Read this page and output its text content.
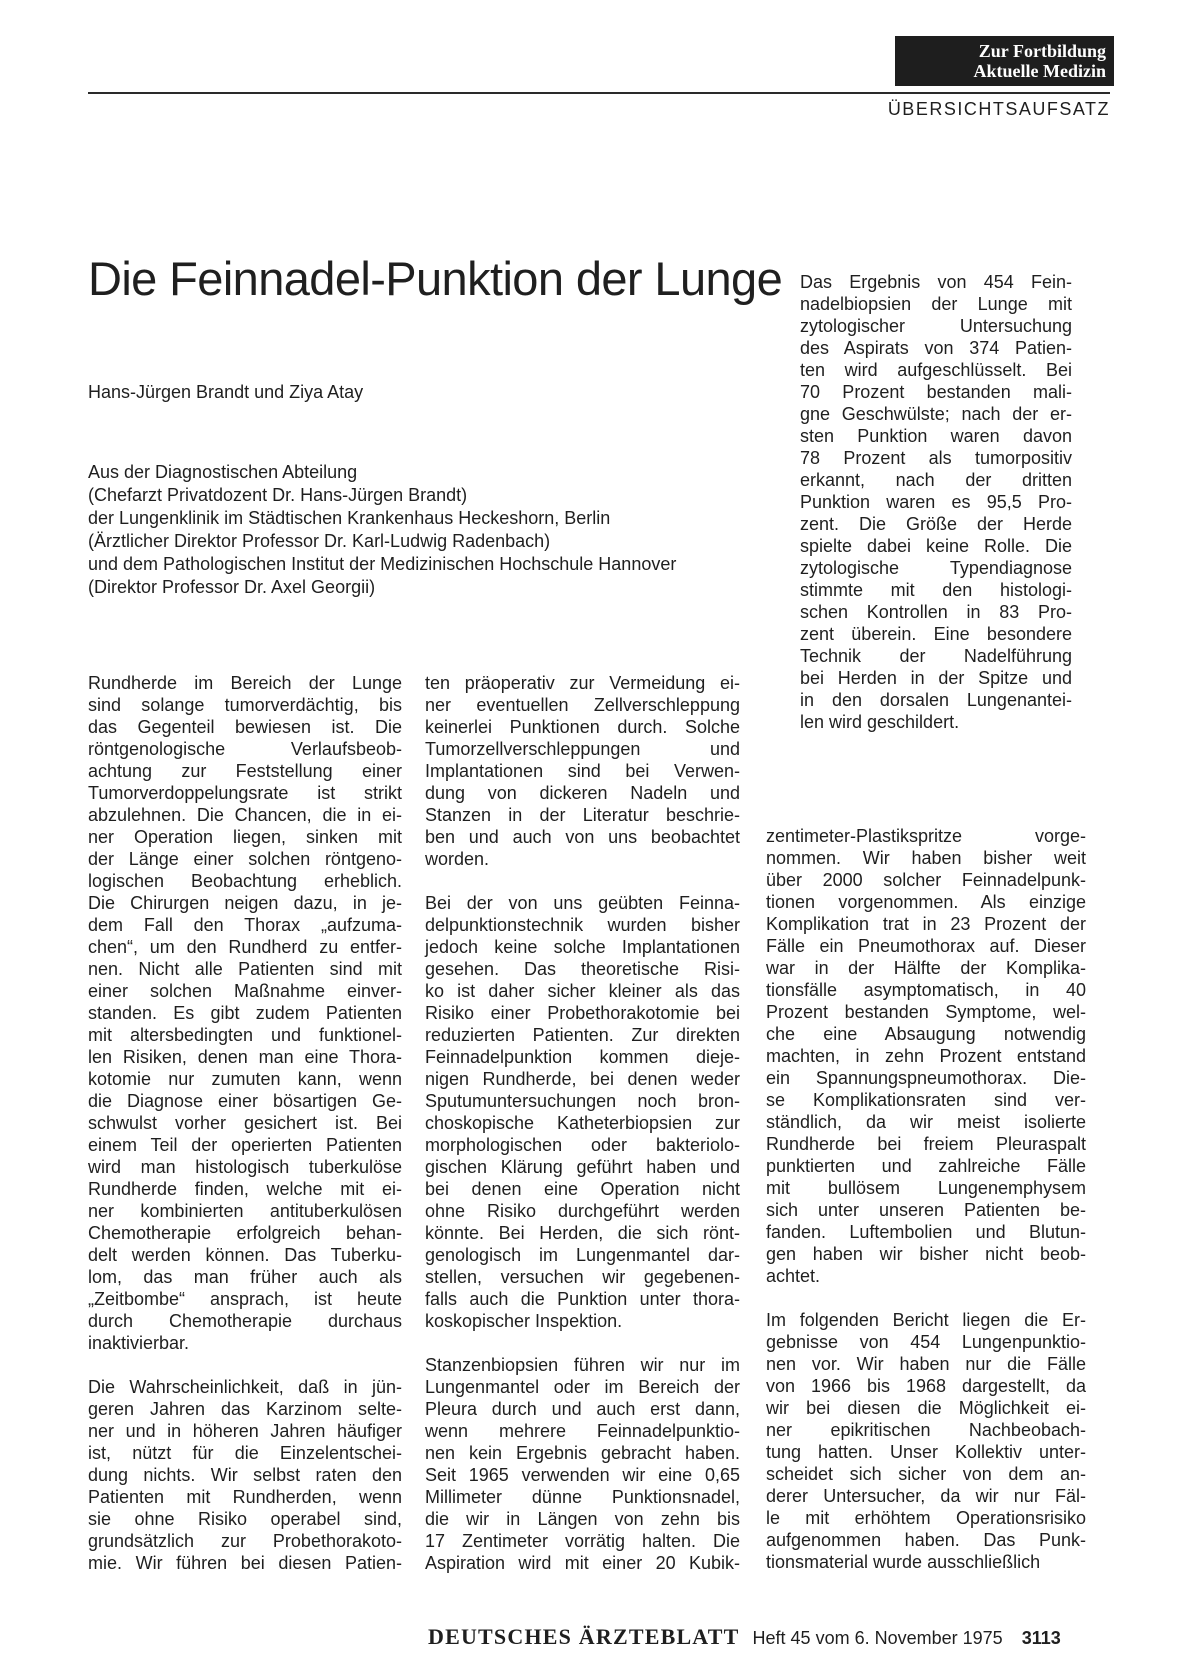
Zur Fortbildung
Aktuelle Medizin
ÜBERSICHTSAUFSATZ
Die Feinnadel-Punktion der Lunge
Hans-Jürgen Brandt und Ziya Atay
Aus der Diagnostischen Abteilung
(Chefarzt Privatdozent Dr. Hans-Jürgen Brandt)
der Lungenklinik im Städtischen Krankenhaus Heckeshorn, Berlin
(Ärztlicher Direktor Professor Dr. Karl-Ludwig Radenbach)
und dem Pathologischen Institut der Medizinischen Hochschule Hannover
(Direktor Professor Dr. Axel Georgii)
Das Ergebnis von 454 Fein-
nadelbiopsien der Lunge mit
zytologischer Untersuchung
des Aspirats von 374 Patien-
ten wird aufgeschlüsselt. Bei
70 Prozent bestanden mali-
gne Geschwülste; nach der er-
sten Punktion waren davon
78 Prozent als tumorpositiv
erkannt, nach der dritten
Punktion waren es 95,5 Pro-
zent. Die Größe der Herde
spielte dabei keine Rolle. Die
zytologische Typendiagnose
stimmte mit den histologi-
schen Kontrollen in 83 Pro-
zent überein. Eine besondere
Technik der Nadelführung
bei Herden in der Spitze und
in den dorsalen Lungenantei-
len wird geschildert.
Rundherde im Bereich der Lunge
sind solange tumorverdächtig, bis
das Gegenteil bewiesen ist. Die
röntgenologische Verlaufsbeob-
achtung zur Feststellung einer
Tumorverdoppelungsrate ist strikt
abzulehnen. Die Chancen, die in ei-
ner Operation liegen, sinken mit
der Länge einer solchen röntgeno-
logischen Beobachtung erheblich.
Die Chirurgen neigen dazu, in je-
dem Fall den Thorax „aufzuma-
chen“, um den Rundherd zu entfer-
nen. Nicht alle Patienten sind mit
einer solchen Maßnahme einver-
standen. Es gibt zudem Patienten
mit altersbedingten und funktionel-
len Risiken, denen man eine Thora-
kotomie nur zumuten kann, wenn
die Diagnose einer bösartigen Ge-
schwulst vorher gesichert ist. Bei
einem Teil der operierten Patienten
wird man histologisch tuberkulöse
Rundherde finden, welche mit ei-
ner kombinierten antituberkulösen
Chemotherapie erfolgreich behan-
delt werden können. Das Tuberku-
lom, das man früher auch als
„Zeitbombe“ ansprach, ist heute
durch Chemotherapie durchaus
inaktivierbar.
Die Wahrscheinlichkeit, daß in jün-
geren Jahren das Karzinom selte-
ner und in höheren Jahren häufiger
ist, nützt für die Einzelentschei-
dung nichts. Wir selbst raten den
Patienten mit Rundherden, wenn
sie ohne Risiko operabel sind,
grundsätzlich zur Probethorakoto-
mie. Wir führen bei diesen Patien-
ten präoperativ zur Vermeidung ei-
ner eventuellen Zellverschleppung
keinerlei Punktionen durch. Solche
Tumorzellverschleppungen und
Implantationen sind bei Verwen-
dung von dickeren Nadeln und
Stanzen in der Literatur beschrie-
ben und auch von uns beobachtet
worden.
Bei der von uns geübten Feinna-
delpunktionstechnik wurden bisher
jedoch keine solche Implantationen
gesehen. Das theoretische Risi-
ko ist daher sicher kleiner als das
Risiko einer Probethorakotomie bei
reduzierten Patienten. Zur direkten
Feinnadelpunktion kommen dieje-
nigen Rundherde, bei denen weder
Sputumuntersuchungen noch bron-
choskopische Katheterbiopsien zur
morphologischen oder bakteriolo-
gischen Klärung geführt haben und
bei denen eine Operation nicht
ohne Risiko durchgeführt werden
könnte. Bei Herden, die sich rönt-
genologisch im Lungenmantel dar-
stellen, versuchen wir gegebenen-
falls auch die Punktion unter thora-
koskopischer Inspektion.
Stanzenbiopsien führen wir nur im
Lungenmantel oder im Bereich der
Pleura durch und auch erst dann,
wenn mehrere Feinnadelpunktio-
nen kein Ergebnis gebracht haben.
Seit 1965 verwenden wir eine 0,65
Millimeter dünne Punktionsnadel,
die wir in Längen von zehn bis
17 Zentimeter vorrätig halten. Die
Aspiration wird mit einer 20 Kubik-
zentimeter-Plastikspritze vorge-
nommen. Wir haben bisher weit
über 2000 solcher Feinnadelpunk-
tionen vorgenommen. Als einzige
Komplikation trat in 23 Prozent der
Fälle ein Pneumothorax auf. Dieser
war in der Hälfte der Komplika-
tionsfälle asymptomatisch, in 40
Prozent bestanden Symptome, wel-
che eine Absaugung notwendig
machten, in zehn Prozent entstand
ein Spannungspneumothorax. Die-
se Komplikationsraten sind ver-
ständlich, da wir meist isolierte
Rundherde bei freiem Pleuraspalt
punktierten und zahlreiche Fälle
mit bullösem Lungenemphysem
sich unter unseren Patienten be-
fanden. Luftembolien und Blutun-
gen haben wir bisher nicht beob-
achtet.
Im folgenden Bericht liegen die Er-
gebnisse von 454 Lungenpunktio-
nen vor. Wir haben nur die Fälle
von 1966 bis 1968 dargestellt, da
wir bei diesen die Möglichkeit ei-
ner epikritischen Nachbeobach-
tung hatten. Unser Kollektiv unter-
scheidet sich sicher von dem an-
derer Untersucher, da wir nur Fäl-
le mit erhöhtem Operationsrisiko
aufgenommen haben. Das Punk-
tionsmaterial wurde ausschließlich
DEUTSCHES ÄRZTEBLATT Heft 45 vom 6. November 1975 3113
